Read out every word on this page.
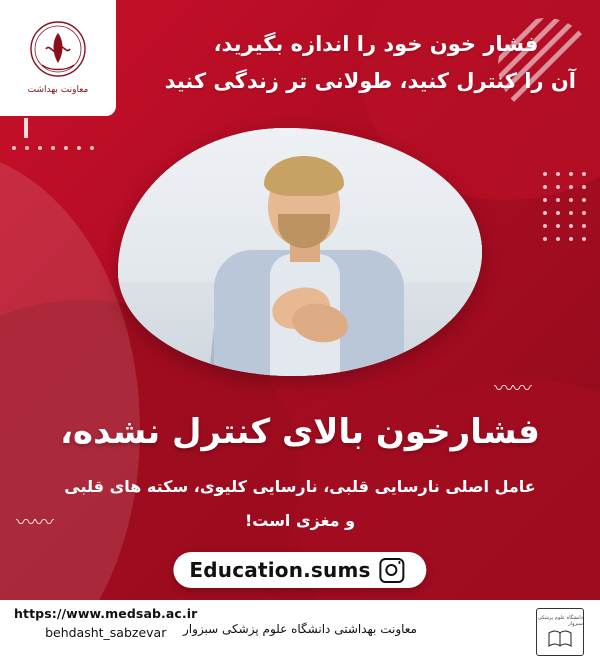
معاونت بهداشت
فشار خون خود را اندازه بگیرید،
آن را کنترل کنید، طولانی تر زندگی کنید
〰〰
〰〰
فشارخون بالای کنترل نشده،
عامل اصلی نارسایی قلبی، نارسایی کلیوی، سکته های قلبی
و مغزی است!
Education.sums
https://www.medsab.ac.ir
behdasht_sabzevar	معاونت بهداشتی دانشگاه علوم پزشکی سبزوار
دانشگاه علوم پزشکی سبزوار
